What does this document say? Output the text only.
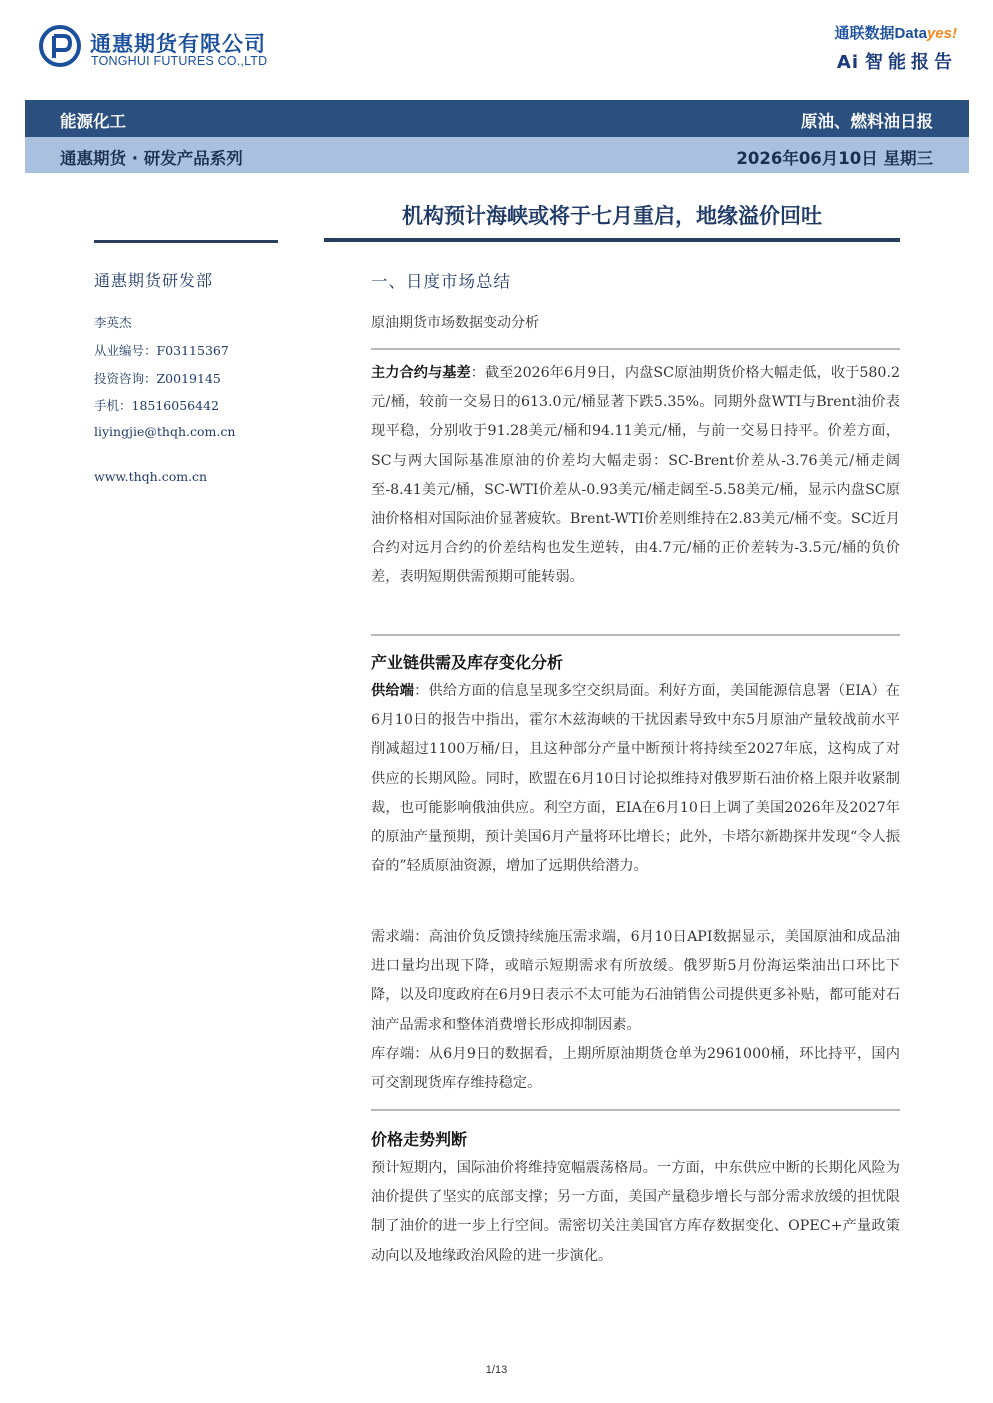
通惠期货有限公司
TONGHUI FUTURES CO.,LTD
通联数据Datayes!
Ai 智能报告
能源化工	原油、燃料油日报
通惠期货 · 研发产品系列	2026年06月10日 星期三
机构预计海峡或将于七月重启，地缘溢价回吐
通惠期货研发部
李英杰
从业编号：F03115367
投资咨询：Z0019145
手机：18516056442
liyingjie@thqh.com.cn
www.thqh.com.cn
一、日度市场总结
原油期货市场数据变动分析
主力合约与基差：截至2026年6月9日，内盘SC原油期货价格大幅走低，收于580.2元/桶，较前一交易日的613.0元/桶显著下跌5.35%。同期外盘WTI与Brent油价表现平稳，分别收于91.28美元/桶和94.11美元/桶，与前一交易日持平。价差方面，SC与两大国际基准原油的价差均大幅走弱：SC-Brent价差从-3.76美元/桶走阔至-8.41美元/桶，SC-WTI价差从-0.93美元/桶走阔至-5.58美元/桶，显示内盘SC原油价格相对国际油价显著疲软。Brent-WTI价差则维持在2.83美元/桶不变。SC近月合约对远月合约的价差结构也发生逆转，由4.7元/桶的正价差转为-3.5元/桶的负价差，表明短期供需预期可能转弱。
产业链供需及库存变化分析
供给端：供给方面的信息呈现多空交织局面。利好方面，美国能源信息署（EIA）在6月10日的报告中指出，霍尔木兹海峡的干扰因素导致中东5月原油产量较战前水平削减超过1100万桶/日，且这种部分产量中断预计将持续至2027年底，这构成了对供应的长期风险。同时，欧盟在6月10日讨论拟维持对俄罗斯石油价格上限并收紧制裁，也可能影响俄油供应。利空方面，EIA在6月10日上调了美国2026年及2027年的原油产量预期，预计美国6月产量将环比增长；此外，卡塔尔新勘探井发现“令人振奋的”轻质原油资源，增加了远期供给潜力。
需求端：高油价负反馈持续施压需求端，6月10日API数据显示，美国原油和成品油进口量均出现下降，或暗示短期需求有所放缓。俄罗斯5月份海运柴油出口环比下降，以及印度政府在6月9日表示不太可能为石油销售公司提供更多补贴，都可能对石油产品需求和整体消费增长形成抑制因素。
库存端：从6月9日的数据看，上期所原油期货仓单为2961000桶，环比持平，国内可交割现货库存维持稳定。
价格走势判断
预计短期内，国际油价将维持宽幅震荡格局。一方面，中东供应中断的长期化风险为油价提供了坚实的底部支撑；另一方面，美国产量稳步增长与部分需求放缓的担忧限制了油价的进一步上行空间。需密切关注美国官方库存数据变化、OPEC+产量政策动向以及地缘政治风险的进一步演化。
1/13
